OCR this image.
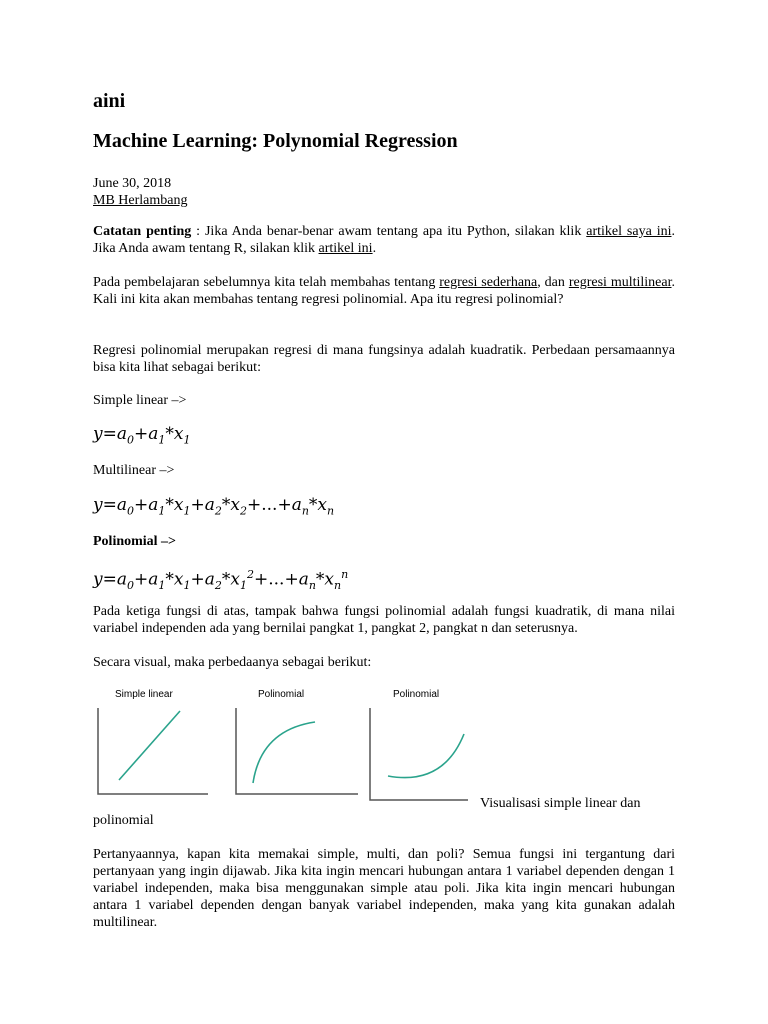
aini
Machine Learning: Polynomial Regression
June 30, 2018
MB Herlambang

Catatan penting : Jika Anda benar-benar awam tentang apa itu Python, silakan klik artikel saya ini. Jika Anda awam tentang R, silakan klik artikel ini.

Pada pembelajaran sebelumnya kita telah membahas tentang regresi sederhana, dan regresi multilinear. Kali ini kita akan membahas tentang regresi polinomial. Apa itu regresi polinomial?

Regresi polinomial merupakan regresi di mana fungsinya adalah kuadratik. Perbedaan persamaannya bisa kita lihat sebagai berikut:

Simple linear –>
$y=a_0+a_1*x_1$
Multilinear –>
$y=a_0+a_1*x_1+a_2*x_2+...+a_n*x_n$
Polinomial –>
$y=a_0+a_1*x_1+a_2*x_1^2+...+a_n*x_n^n$

Pada ketiga fungsi di atas, tampak bahwa fungsi polinomial adalah fungsi kuadratik, di mana nilai variabel independen ada yang bernilai pangkat 1, pangkat 2, pangkat n dan seterusnya.

Secara visual, maka perbedaanya sebagai berikut:

Simple linear	Polinomial	Polinomial
Visualisasi simple linear dan
polinomial

Pertanyaannya, kapan kita memakai simple, multi, dan poli? Semua fungsi ini tergantung dari pertanyaan yang ingin dijawab. Jika kita ingin mencari hubungan antara 1 variabel dependen dengan 1 variabel independen, maka bisa menggunakan simple atau poli. Jika kita ingin mencari hubungan antara 1 variabel dependen dengan banyak variabel independen, maka yang kita gunakan adalah multilinear.
